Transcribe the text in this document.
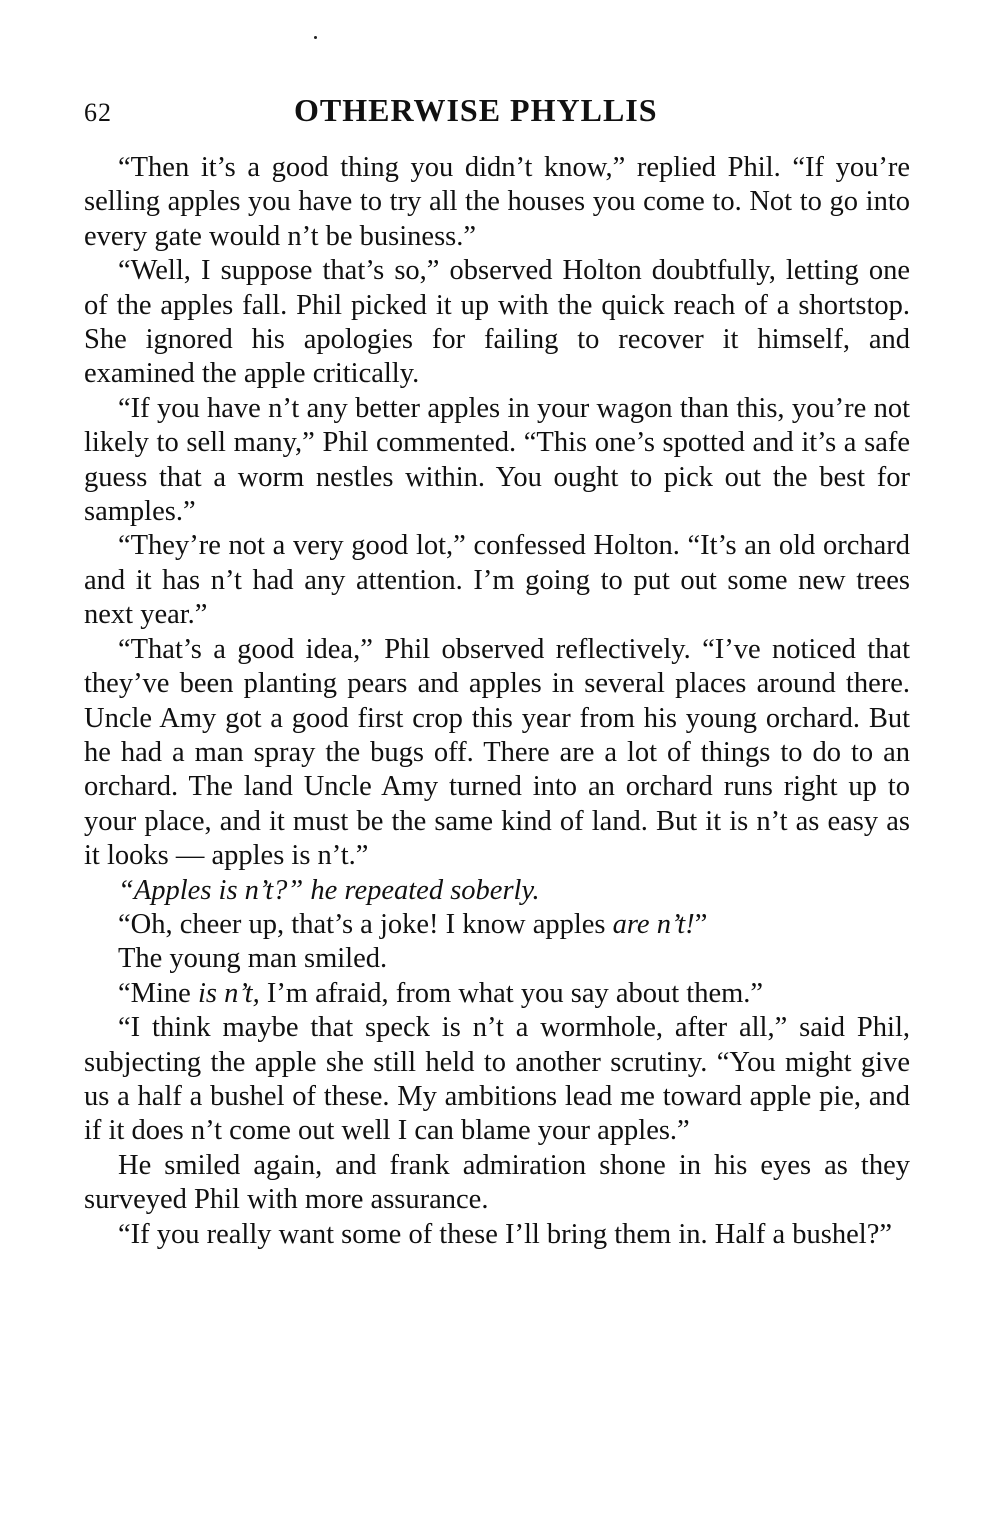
62	OTHERWISE PHYLLIS

“Then it’s a good thing you didn’t know,” replied Phil. “If you’re selling apples you have to try all the houses you come to. Not to go into every gate would n’t be business.”

“Well, I suppose that’s so,” observed Holton doubtfully, letting one of the apples fall. Phil picked it up with the quick reach of a shortstop. She ignored his apologies for failing to recover it himself, and examined the apple critically.

“If you have n’t any better apples in your wagon than this, you’re not likely to sell many,” Phil commented. “This one’s spotted and it’s a safe guess that a worm nestles within. You ought to pick out the best for samples.”

“They’re not a very good lot,” confessed Holton. “It’s an old orchard and it has n’t had any attention. I’m going to put out some new trees next year.”

“That’s a good idea,” Phil observed reflectively. “I’ve noticed that they’ve been planting pears and apples in several places around there. Uncle Amy got a good first crop this year from his young orchard. But he had a man spray the bugs off. There are a lot of things to do to an orchard. The land Uncle Amy turned into an orchard runs right up to your place, and it must be the same kind of land. But it is n’t as easy as it looks — apples is n’t.”

“Apples is n’t?” he repeated soberly.

“Oh, cheer up, that’s a joke! I know apples are n’t!”

The young man smiled.

“Mine is n’t, I’m afraid, from what you say about them.”

“I think maybe that speck is n’t a wormhole, after all,” said Phil, subjecting the apple she still held to another scrutiny. “You might give us a half a bushel of these. My ambitions lead me toward apple pie, and if it does n’t come out well I can blame your apples.”

He smiled again, and frank admiration shone in his eyes as they surveyed Phil with more assurance.

“If you really want some of these I’ll bring them in. Half a bushel?”
